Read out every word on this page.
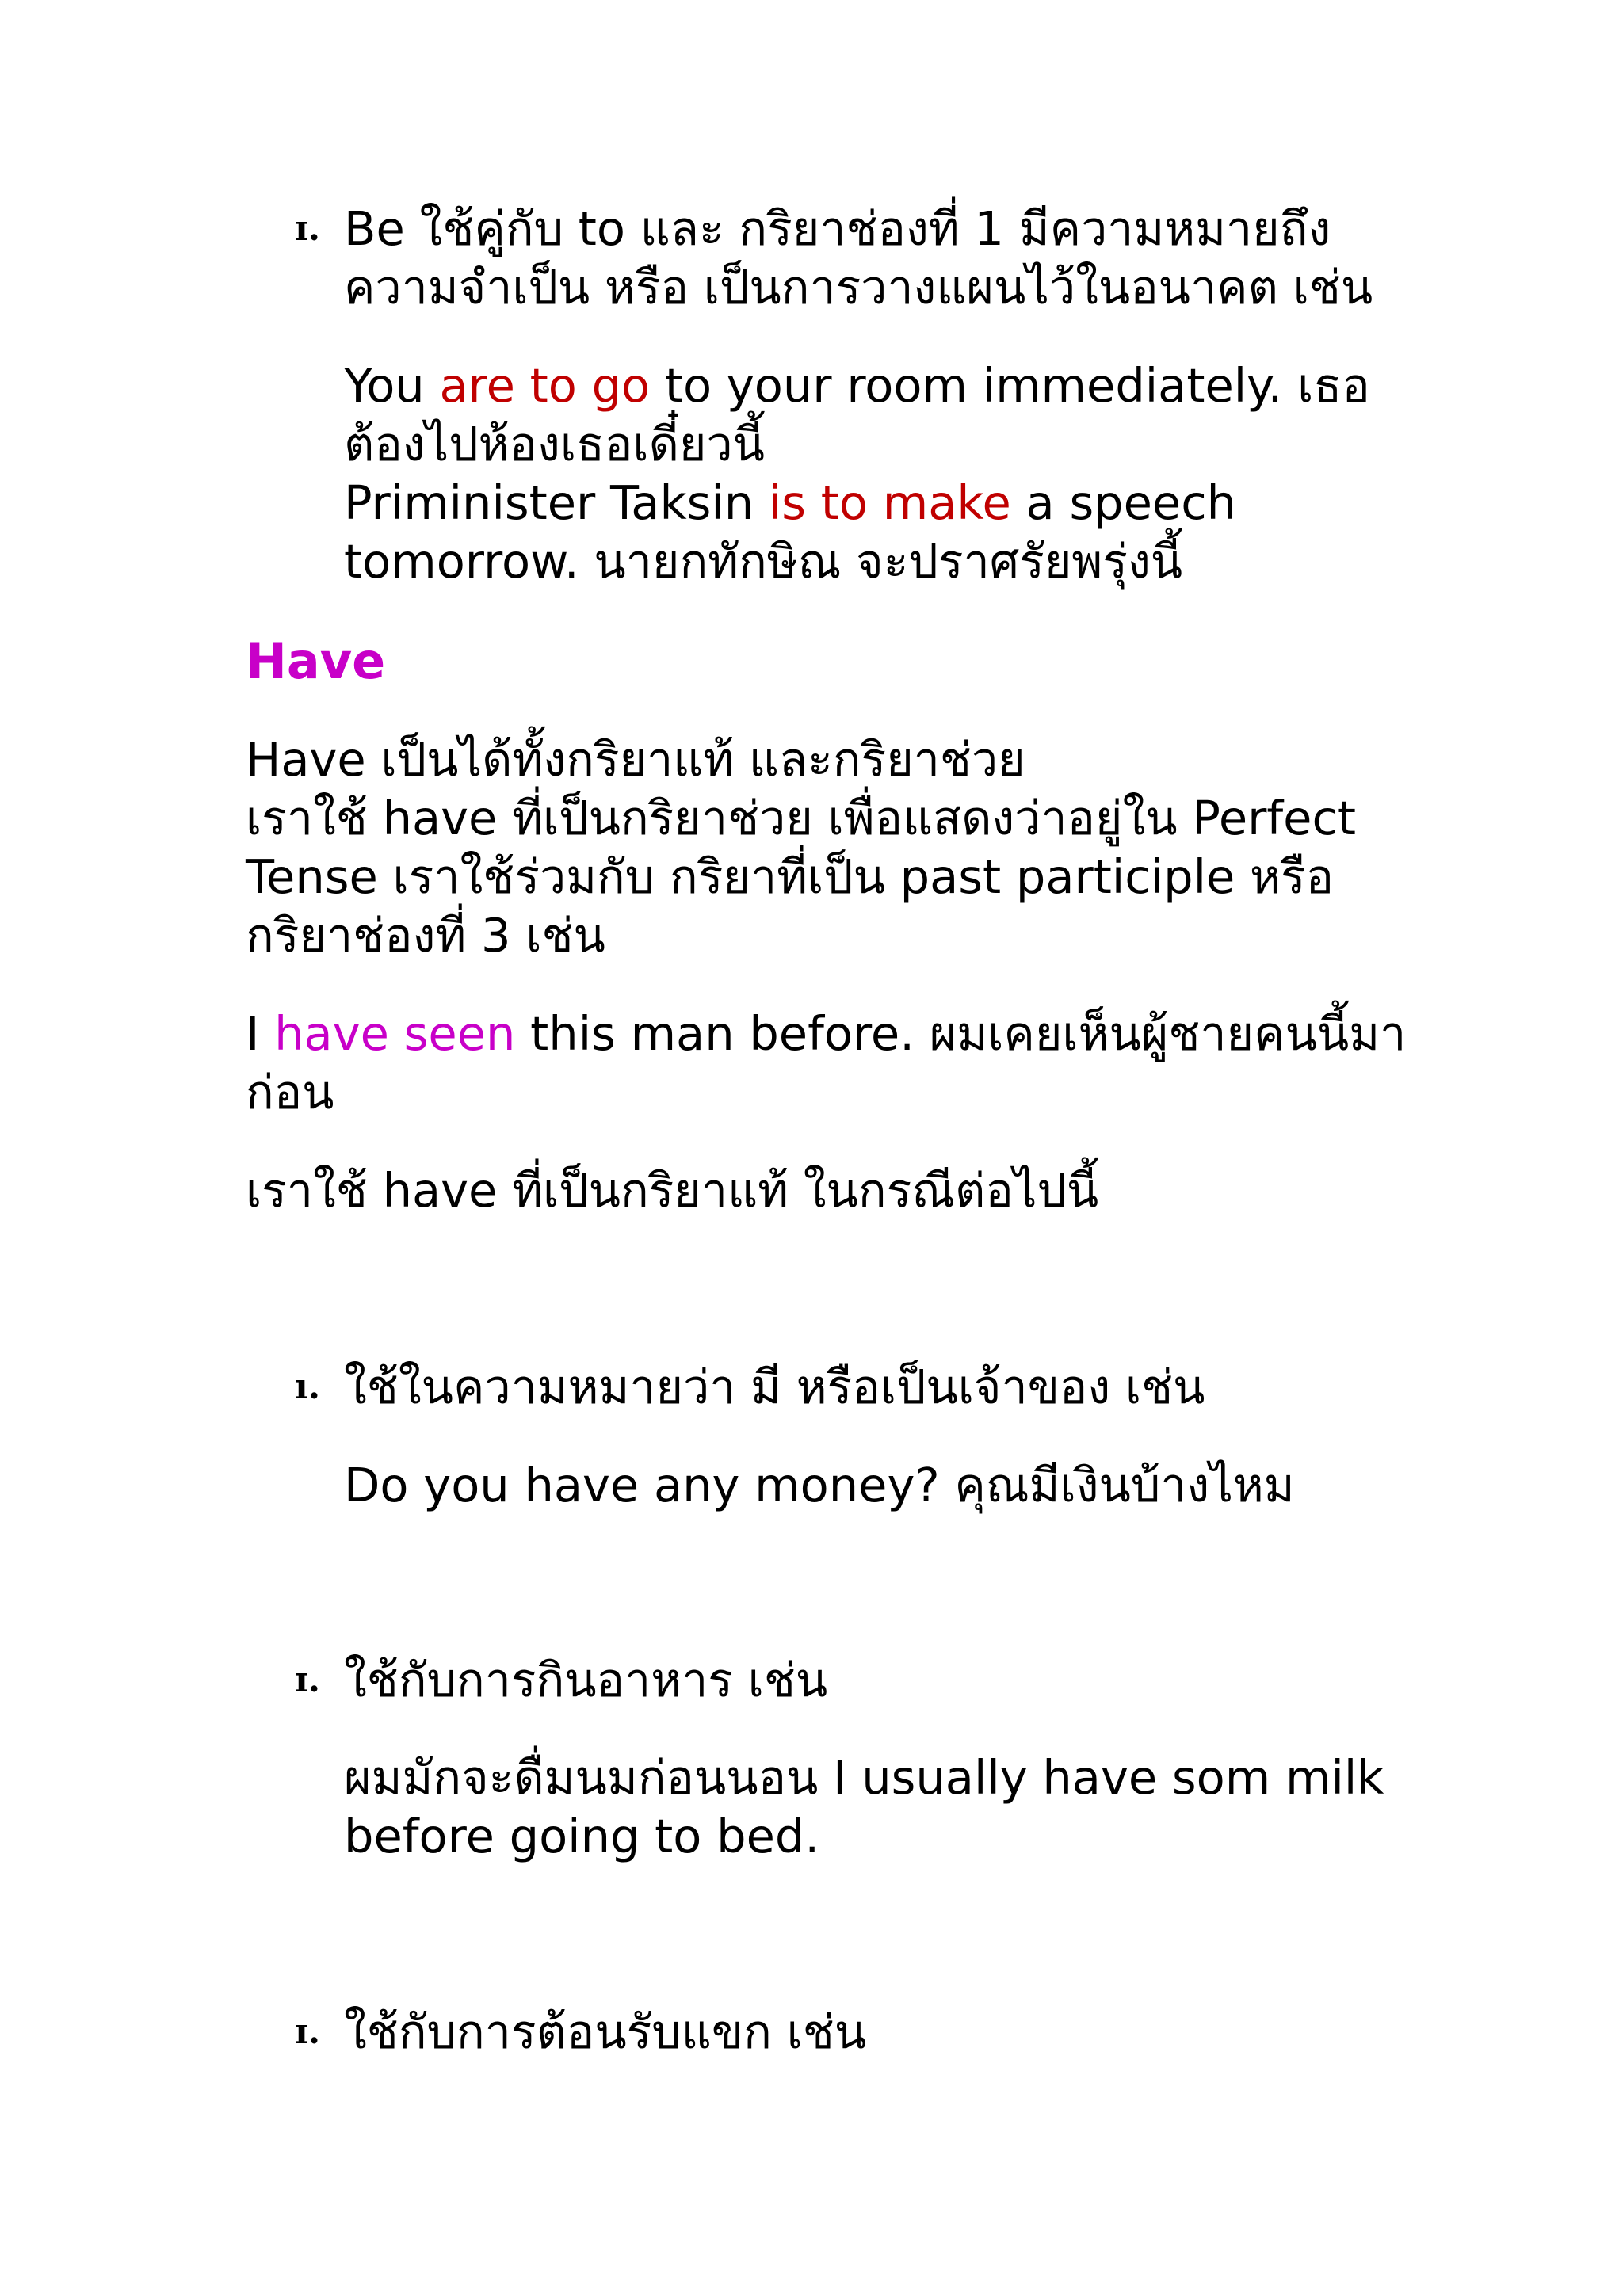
ɪ. Be ใช้คู่กับ to และ กริยาช่องที่ 1 มีความหมายถึง
ความจำเป็น หรือ เป็นการวางแผนไว้ในอนาคต เช่น
You are to go to your room immediately. เธอ
ต้องไปห้องเธอเดี๋ยวนี้
Priminister Taksin is to make a speech
tomorrow. นายกทักษิณ จะปราศรัยพรุ่งนี้
Have
Have เป็นได้ทั้งกริยาแท้ และกริยาช่วย
เราใช้ have ที่เป็นกริยาช่วย เพื่อแสดงว่าอยู่ใน Perfect
Tense เราใช้ร่วมกับ กริยาที่เป็น past participle หรือ
กริยาช่องที่ 3 เช่น
I have seen this man before. ผมเคยเห็นผู้ชายคนนี้มา
ก่อน
เราใช้ have ที่เป็นกริยาแท้ ในกรณีต่อไปนี้
ı. ใช้ในความหมายว่า มี หรือเป็นเจ้าของ เช่น
Do you have any money? คุณมีเงินบ้างไหม
ɪ. ใช้กับการกินอาหาร เช่น
ผมมักจะดื่มนมก่อนนอน I usually have som milk
before going to bed.
ɪ. ใช้กับการต้อนรับแขก เช่น
